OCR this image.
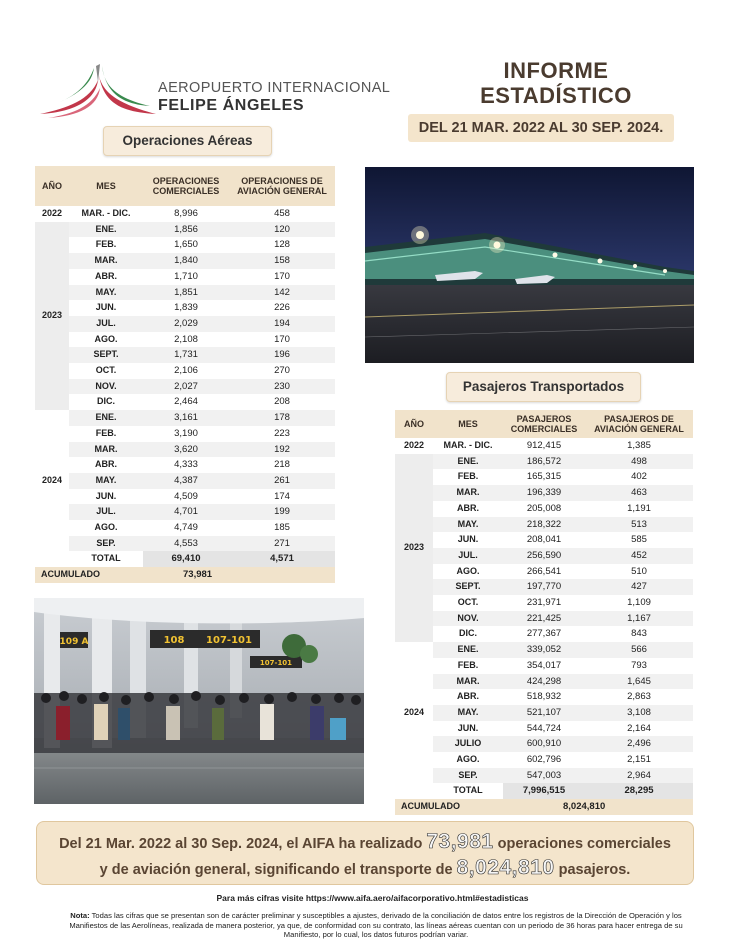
AEROPUERTO INTERNACIONAL
FELIPE ÁNGELES
INFORME
ESTADÍSTICO
DEL 21 MAR. 2022 AL 30 SEP. 2024.
Operaciones Aéreas
AÑO	MES	OPERACIONES COMERCIALES	OPERACIONES DE AVIACIÓN GENERAL
2022	MAR. - DIC.	8,996	458
2023	ENE.	1,856	120
	FEB.	1,650	128
	MAR.	1,840	158
	ABR.	1,710	170
	MAY.	1,851	142
	JUN.	1,839	226
	JUL.	2,029	194
	AGO.	2,108	170
	SEPT.	1,731	196
	OCT.	2,106	270
	NOV.	2,027	230
	DIC.	2,464	208
2024	ENE.	3,161	178
	FEB.	3,190	223
	MAR.	3,620	192
	ABR.	4,333	218
	MAY.	4,387	261
	JUN.	4,509	174
	JUL.	4,701	199
	AGO.	4,749	185
	SEP.	4,553	271
	TOTAL	69,410	4,571
ACUMULADO		73,981	
Pasajeros Transportados
AÑO	MES	PASAJEROS COMERCIALES	PASAJEROS DE AVIACIÓN GENERAL
2022	MAR. - DIC.	912,415	1,385
2023	ENE.	186,572	498
	FEB.	165,315	402
	MAR.	196,339	463
	ABR.	205,008	1,191
	MAY.	218,322	513
	JUN.	208,041	585
	JUL.	256,590	452
	AGO.	266,541	510
	SEPT.	197,770	427
	OCT.	231,971	1,109
	NOV.	221,425	1,167
	DIC.	277,367	843
2024	ENE.	339,052	566
	FEB.	354,017	793
	MAR.	424,298	1,645
	ABR.	518,932	2,863
	MAY.	521,107	3,108
	JUN.	544,724	2,164
	JULIO	600,910	2,496
	AGO.	602,796	2,151
	SEP.	547,003	2,964
	TOTAL	7,996,515	28,295
ACUMULADO		8,024,810	
109 A	108 107-101
107-101
Del 21 Mar. 2022 al 30 Sep. 2024, el AIFA ha realizado 73,981 operaciones comerciales
y de aviación general, significando el transporte de 8,024,810 pasajeros.
Para más cifras visite https://www.aifa.aero/aifacorporativo.html#estadisticas
Nota: Todas las cifras que se presentan son de carácter preliminar y susceptibles a ajustes, derivado de la conciliación de datos entre los registros de la Dirección de Operación y los Manifiestos de las Aerolíneas, realizada de manera posterior, ya que, de conformidad con su contrato, las líneas aéreas cuentan con un periodo de 36 horas para hacer entrega de su Manifiesto, por lo cual, los datos futuros podrían variar.
